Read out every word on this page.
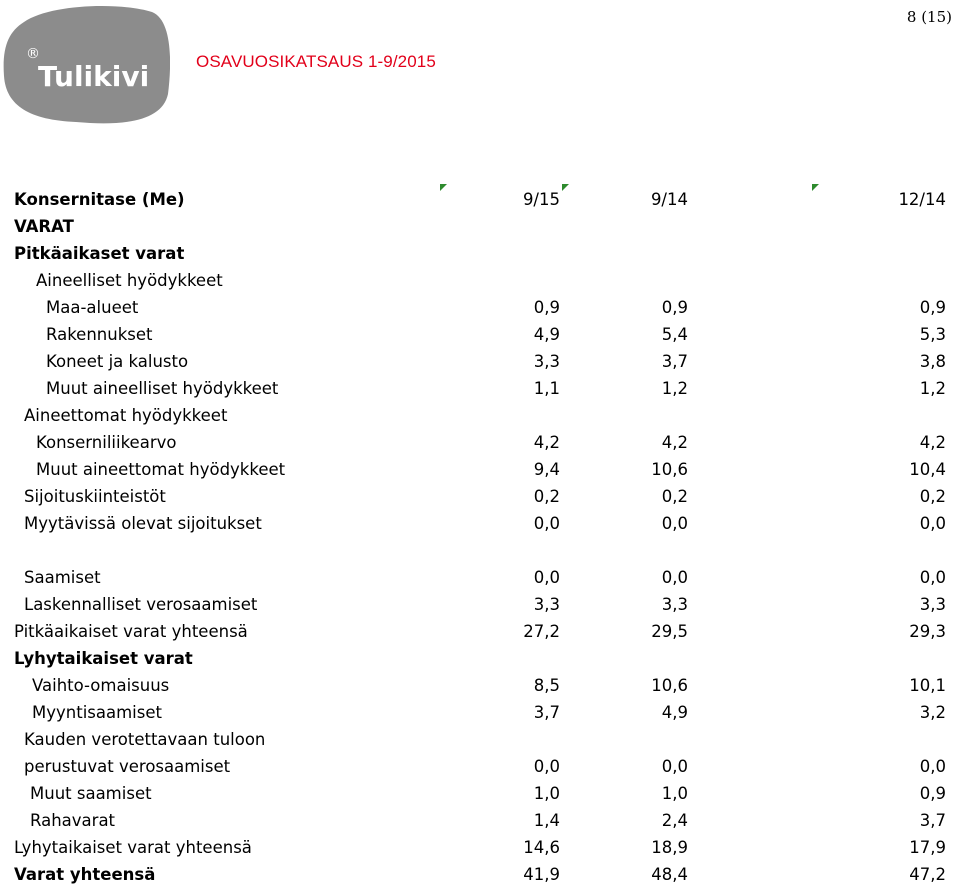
®
Tulikivi	OSAVUOSIKATSAUS 1-9/2015
8 (15)
Konsernitase (Me)	9/15	9/14	12/14
VARAT
Pitkäaikaset varat
Aineelliset hyödykkeet
Maa-alueet	0,9	0,9	0,9
Rakennukset	4,9	5,4	5,3
Koneet ja kalusto	3,3	3,7	3,8
Muut aineelliset hyödykkeet	1,1	1,2	1,2
Aineettomat hyödykkeet
Konserniliikearvo	4,2	4,2	4,2
Muut aineettomat hyödykkeet	9,4	10,6	10,4
Sijoituskiinteistöt	0,2	0,2	0,2
Myytävissä olevat sijoitukset	0,0	0,0	0,0
Saamiset	0,0	0,0	0,0
Laskennalliset verosaamiset	3,3	3,3	3,3
Pitkäaikaiset varat yhteensä	27,2	29,5	29,3
Lyhytaikaiset varat
Vaihto-omaisuus	8,5	10,6	10,1
Myyntisaamiset	3,7	4,9	3,2
Kauden verotettavaan tuloon
perustuvat verosaamiset	0,0	0,0	0,0
Muut saamiset	1,0	1,0	0,9
Rahavarat	1,4	2,4	3,7
Lyhytaikaiset varat yhteensä	14,6	18,9	17,9
Varat yhteensä	41,9	48,4	47,2
